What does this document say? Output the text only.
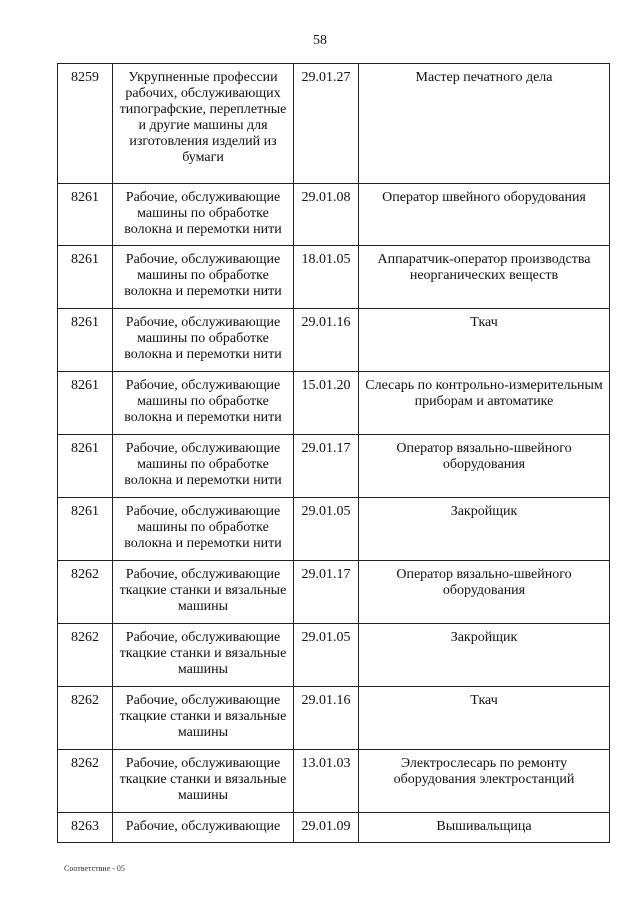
58
8259	Укрупненные профессии рабочих, обслуживающих типографские, переплетные и другие машины для изготовления изделий из бумаги	29.01.27	Мастер печатного дела
8261	Рабочие, обслуживающие машины по обработке волокна и перемотки нити	29.01.08	Оператор швейного оборудования
8261	Рабочие, обслуживающие машины по обработке волокна и перемотки нити	18.01.05	Аппаратчик-оператор производства неорганических веществ
8261	Рабочие, обслуживающие машины по обработке волокна и перемотки нити	29.01.16	Ткач
8261	Рабочие, обслуживающие машины по обработке волокна и перемотки нити	15.01.20	Слесарь по контрольно-измерительным приборам и автоматике
8261	Рабочие, обслуживающие машины по обработке волокна и перемотки нити	29.01.17	Оператор вязально-швейного оборудования
8261	Рабочие, обслуживающие машины по обработке волокна и перемотки нити	29.01.05	Закройщик
8262	Рабочие, обслуживающие ткацкие станки и вязальные машины	29.01.17	Оператор вязально-швейного оборудования
8262	Рабочие, обслуживающие ткацкие станки и вязальные машины	29.01.05	Закройщик
8262	Рабочие, обслуживающие ткацкие станки и вязальные машины	29.01.16	Ткач
8262	Рабочие, обслуживающие ткацкие станки и вязальные машины	13.01.03	Электрослесарь по ремонту оборудования электростанций
8263	Рабочие, обслуживающие	29.01.09	Вышивальщица
Соответствие - 05
